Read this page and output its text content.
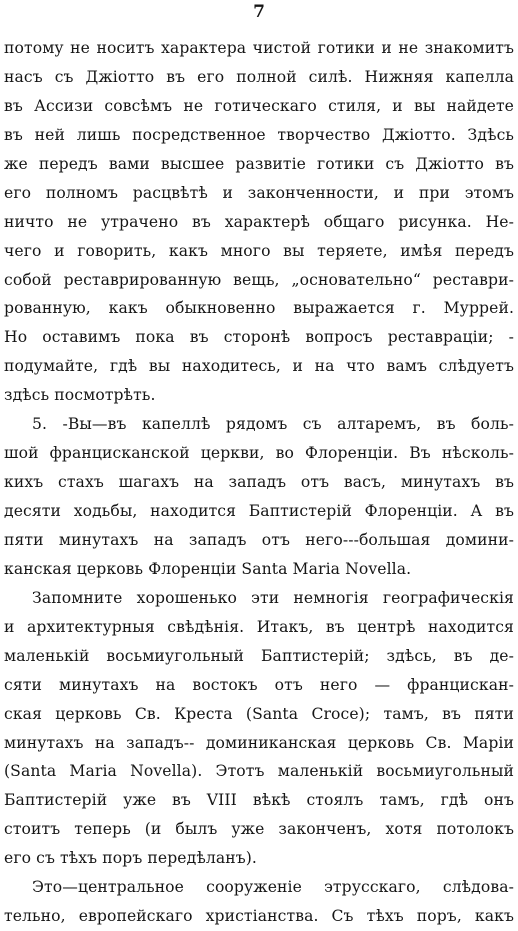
7
потому не носитъ характера чистой готики и не знакомитъ
насъ съ Джіотто въ его полной силѣ. Нижняя капелла
въ Ассизи совсѣмъ не готическаго стиля, и вы найдете
въ ней лишь посредственное творчество Джіотто. Здѣсь
же передъ вами высшее развитіе готики съ Джіотто въ
его полномъ расцвѣтѣ и законченности, и при этомъ
ничто не утрачено въ характерѣ общаго рисунка. Не-
чего и говорить, какъ много вы теряете, имѣя передъ
собой реставрированную вещь, „основательно“ реставри-
рованную, какъ обыкновенно выражается г. Муррей.
Но оставимъ пока въ сторонѣ вопросъ реставраціи; -
подумайте, гдѣ вы находитесь, и на что вамъ слѣдуетъ
здѣсь посмотрѣть.
5. -Вы—въ капеллѣ рядомъ съ алтаремъ, въ боль-
шой францисканской церкви, во Флоренціи. Въ нѣсколь-
кихъ стахъ шагахъ на западъ отъ васъ, минутахъ въ
десяти ходьбы, находится Баптистерій Флоренціи. А въ
пяти минутахъ на западъ отъ него---большая домини-
канская церковь Флоренціи Santa Maria Novella.
Запомните хорошенько эти немногія географическія
и архитектурныя свѣдѣнія. Итакъ, въ центрѣ находится
маленькій восьмиугольный Баптистерій; здѣсь, въ де-
сяти минутахъ на востокъ отъ него — францискан-
ская церковь Св. Креста (Santa Croce); тамъ, въ пяти
минутахъ на западъ-- доминиканская церковь Св. Маріи
(Santa Maria Novella). Этотъ маленькій восьмиугольный
Баптистерій уже въ VIII вѣкѣ стоялъ тамъ, гдѣ онъ
стоитъ теперь (и былъ уже законченъ, хотя потолокъ
его съ тѣхъ поръ передѣланъ).
Это—центральное сооруженіе этрусскаго, слѣдова-
тельно, европейскаго христіанства. Съ тѣхъ поръ, какъ
